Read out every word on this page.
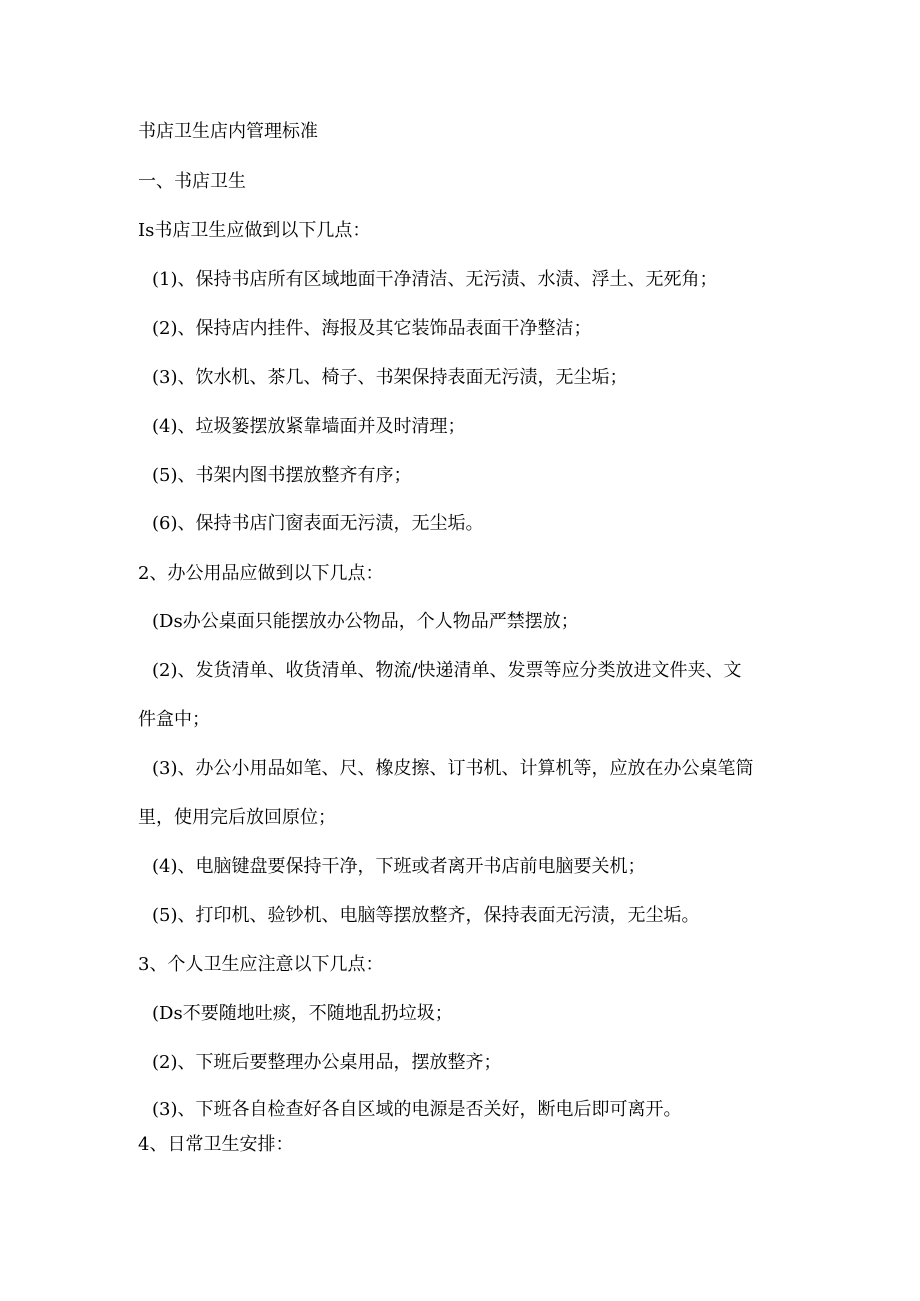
书店卫生店内管理标准
一、书店卫生
Is书店卫生应做到以下几点：
(1)、保持书店所有区域地面干净清洁、无污渍、水渍、浮土、无死角；
(2)、保持店内挂件、海报及其它装饰品表面干净整洁；
(3)、饮水机、茶几、椅子、书架保持表面无污渍，无尘垢；
(4)、垃圾篓摆放紧靠墙面并及时清理；
(5)、书架内图书摆放整齐有序；
(6)、保持书店门窗表面无污渍，无尘垢。
2、办公用品应做到以下几点：
(Ds办公桌面只能摆放办公物品，个人物品严禁摆放；
(2)、发货清单、收货清单、物流/快递清单、发票等应分类放进文件夹、文
件盒中；
(3)、办公小用品如笔、尺、橡皮擦、订书机、计算机等，应放在办公桌笔筒
里，使用完后放回原位；
(4)、电脑键盘要保持干净，下班或者离开书店前电脑要关机；
(5)、打印机、验钞机、电脑等摆放整齐，保持表面无污渍，无尘垢。
3、个人卫生应注意以下几点：
(Ds不要随地吐痰，不随地乱扔垃圾；
(2)、下班后要整理办公桌用品，摆放整齐；
(3)、下班各自检查好各自区域的电源是否关好，断电后即可离开。
4、日常卫生安排：
